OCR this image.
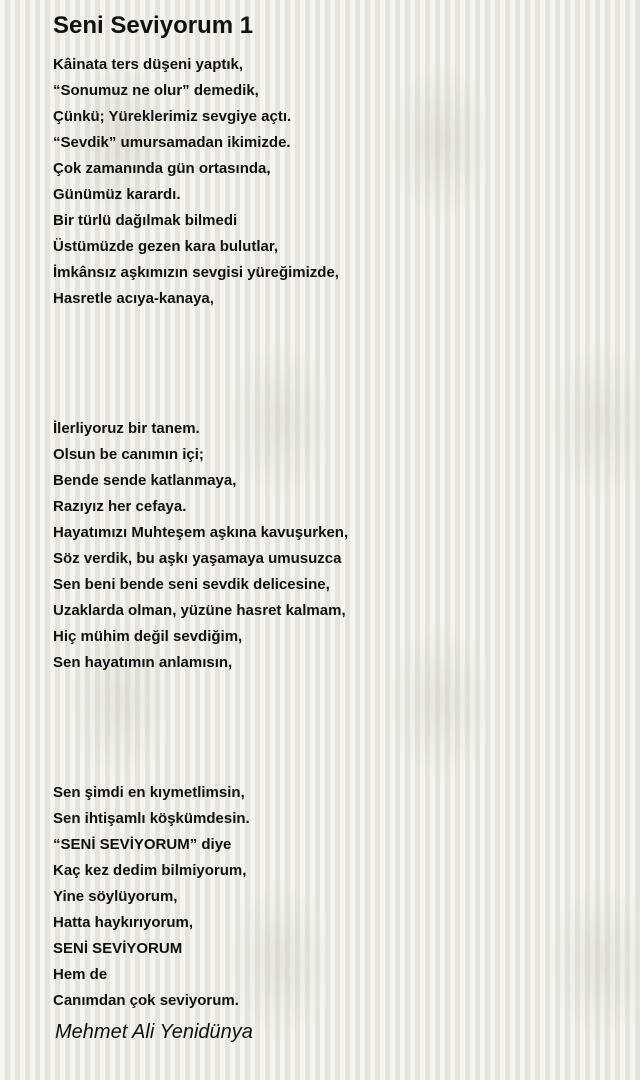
Seni Seviyorum 1
Kâinata ters düşeni yaptık,
“Sonumuz ne olur” demedik,
Çünkü; Yüreklerimiz sevgiye açtı.
“Sevdik” umursamadan ikimizde.
Çok zamanında gün ortasında,
Günümüz karardı.
Bir türlü dağılmak bilmedi
Üstümüzde gezen kara bulutlar,
İmkânsız aşkımızın sevgisi yüreğimizde,
Hasretle acıya-kanaya,
İlerliyoruz bir tanem.
Olsun be canımın içi;
Bende sende katlanmaya,
Razıyız her cefaya.
Hayatımızı Muhteşem aşkına kavuşurken,
Söz verdik, bu aşkı yaşamaya umusuzca
Sen beni bende seni sevdik delicesine,
Uzaklarda olman, yüzüne hasret kalmam,
Hiç mühim değil sevdiğim,
Sen hayatımın anlamısın,
Sen şimdi en kıymetlimsin,
Sen ihtişamlı köşkümdesin.
“SENİ SEVİYORUM” diye
Kaç kez dedim bilmiyorum,
Yine söylüyorum,
Hatta haykırıyorum,
SENİ SEVİYORUM
Hem de
Canımdan çok seviyorum.

Mehmet Ali Yenidünya
